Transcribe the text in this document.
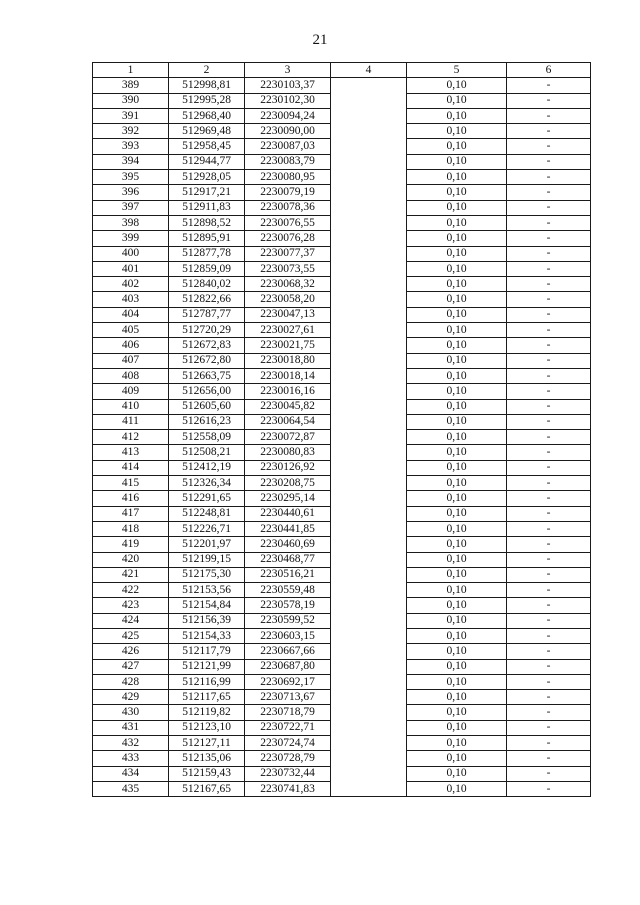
21
1	2	3	4	5	6
389	512998,81	2230103,37		0,10	-
390	512995,28	2230102,30		0,10	-
391	512968,40	2230094,24		0,10	-
392	512969,48	2230090,00		0,10	-
393	512958,45	2230087,03		0,10	-
394	512944,77	2230083,79		0,10	-
395	512928,05	2230080,95		0,10	-
396	512917,21	2230079,19		0,10	-
397	512911,83	2230078,36		0,10	-
398	512898,52	2230076,55		0,10	-
399	512895,91	2230076,28		0,10	-
400	512877,78	2230077,37		0,10	-
401	512859,09	2230073,55		0,10	-
402	512840,02	2230068,32		0,10	-
403	512822,66	2230058,20		0,10	-
404	512787,77	2230047,13		0,10	-
405	512720,29	2230027,61		0,10	-
406	512672,83	2230021,75		0,10	-
407	512672,80	2230018,80		0,10	-
408	512663,75	2230018,14		0,10	-
409	512656,00	2230016,16		0,10	-
410	512605,60	2230045,82		0,10	-
411	512616,23	2230064,54		0,10	-
412	512558,09	2230072,87		0,10	-
413	512508,21	2230080,83		0,10	-
414	512412,19	2230126,92		0,10	-
415	512326,34	2230208,75		0,10	-
416	512291,65	2230295,14		0,10	-
417	512248,81	2230440,61		0,10	-
418	512226,71	2230441,85		0,10	-
419	512201,97	2230460,69		0,10	-
420	512199,15	2230468,77		0,10	-
421	512175,30	2230516,21		0,10	-
422	512153,56	2230559,48		0,10	-
423	512154,84	2230578,19		0,10	-
424	512156,39	2230599,52		0,10	-
425	512154,33	2230603,15		0,10	-
426	512117,79	2230667,66		0,10	-
427	512121,99	2230687,80		0,10	-
428	512116,99	2230692,17		0,10	-
429	512117,65	2230713,67		0,10	-
430	512119,82	2230718,79		0,10	-
431	512123,10	2230722,71		0,10	-
432	512127,11	2230724,74		0,10	-
433	512135,06	2230728,79		0,10	-
434	512159,43	2230732,44		0,10	-
435	512167,65	2230741,83		0,10	-
